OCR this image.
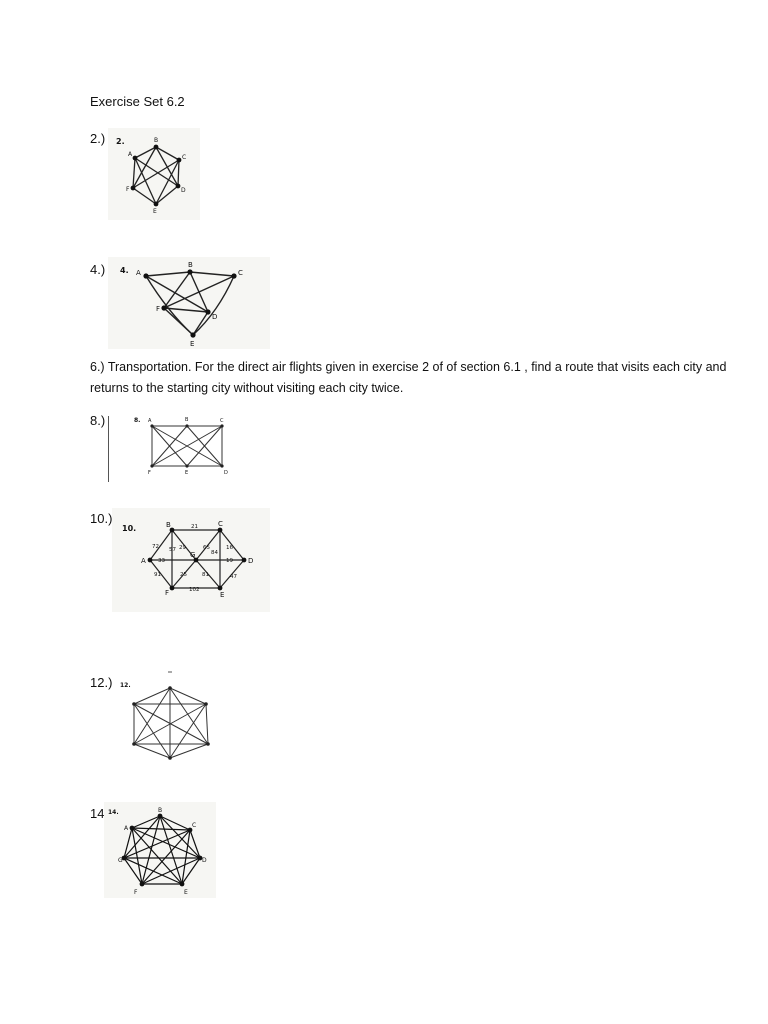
Exercise Set 6.2
2.) 2.	B
C
D
E
F
A
4.) 4. A
B
C
D
E
F
6.) Transportation. For the direct air flights given in exercise 2 of of section 6.1 , find a route that visits each city and returns to the starting city without visiting each city twice.
8.)	8. A	B	C
D
E
F
10.)
10.	B	C
A	D
G
F	E
21
72 57 29	65
84
16
33	19
91	25	81	47
102
12.) 12.
14 14.
A
B
C
D
E
F
G
